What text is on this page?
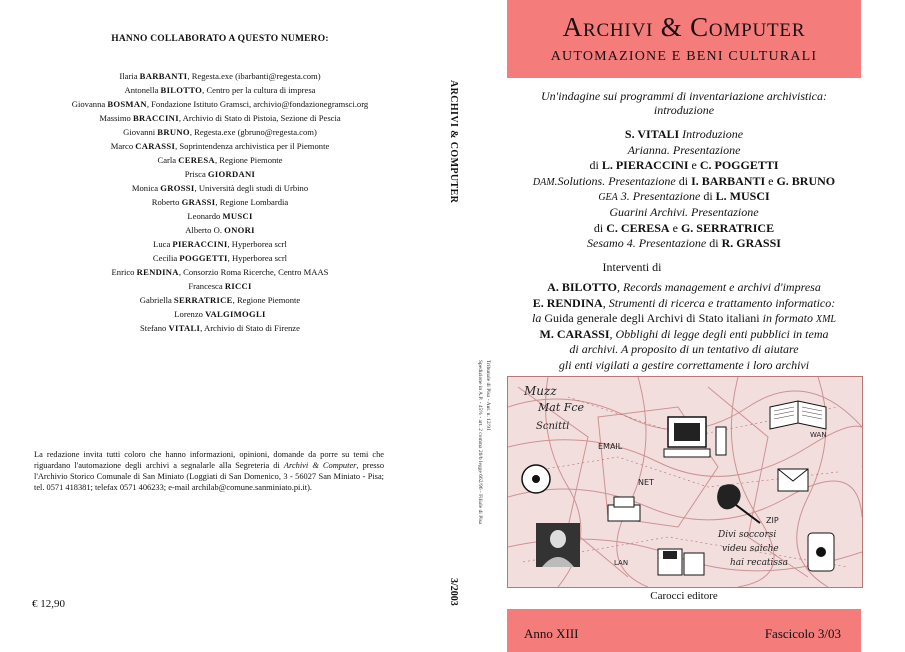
HANNO COLLABORATO A QUESTO NUMERO:
Ilaria BARBANTI, Regesta.exe (ibarbanti@regesta.com)
Antonella BILOTTO, Centro per la cultura di impresa
Giovanna BOSMAN, Fondazione Istituto Gramsci, archivio@fondazionegramsci.org
Massimo BRACCINI, Archivio di Stato di Pistoia, Sezione di Pescia
Giovanni BRUNO, Regesta.exe (gbruno@regesta.com)
Marco CARASSI, Soprintendenza archivistica per il Piemonte
Carla CERESA, Regione Piemonte
Prisca GIORDANI
Monica GROSSI, Università degli studi di Urbino
Roberto GRASSI, Regione Lombardia
Leonardo MUSCI
Alberto O. ONORI
Luca PIERACCINI, Hyperborea scrl
Cecilia POGGETTI, Hyperborea scrl
Enrico RENDINA, Consorzio Roma Ricerche, Centro MAAS
Francesca RICCI
Gabriella SERRATRICE, Regione Piemonte
Lorenzo VALGIMOGLI
Stefano VITALI, Archivio di Stato di Firenze
La redazione invita tutti coloro che hanno informazioni, opinioni, domande da porre su temi che riguardano l'automazione degli archivi a segnalarle alla Segreteria di Archivi & Computer, presso l'Archivio Storico Comunale di San Miniato (Loggiati di San Domenico, 3 - 56027 San Miniato - Pisa; tel. 0571 418381; telefax 0571 406233; e-mail archilab@comune.sanminiato.pi.it).
€ 12,90
ARCHIVI & COMPUTER
3/2003
Spedizione in A.P. - 45% - art. 2 comma 20/b legge 662/96 - Filiale di Pisa Tribunale di Pisa - Aut. n. 12/91
Archivi & Computer
AUTOMAZIONE E BENI CULTURALI
Un'indagine sui programmi di inventariazione archivistica:
introduzione
S. VITALI Introduzione
Arianna. Presentazione
di L. PIERACCINI e C. POGGETTI
DAM.Solutions. Presentazione di I. BARBANTI e G. BRUNO
GEA 3. Presentazione di L. MUSCI
Guarini Archivi. Presentazione
di C. CERESA e G. SERRATRICE
Sesamo 4. Presentazione di R. GRASSI
Interventi di
A. BILOTTO, Records management e archivi d'impresa
E. RENDINA, Strumenti di ricerca e trattamento informatico:
la Guida generale degli Archivi di Stato italiani in formato XML
M. CARASSI, Obblighi di legge degli enti pubblici in tema
di archivi. A proposito di un tentativo di aiutare
gli enti vigilati a gestire correttamente i loro archivi
Muzz
Mat Fce
Scnitti
EMAIL
NET
WAN
ZIP
LAN
Divi soccorsi
videu saiche
hai recatissa
Carocci editore
Anno XIII	Fascicolo 3/03
